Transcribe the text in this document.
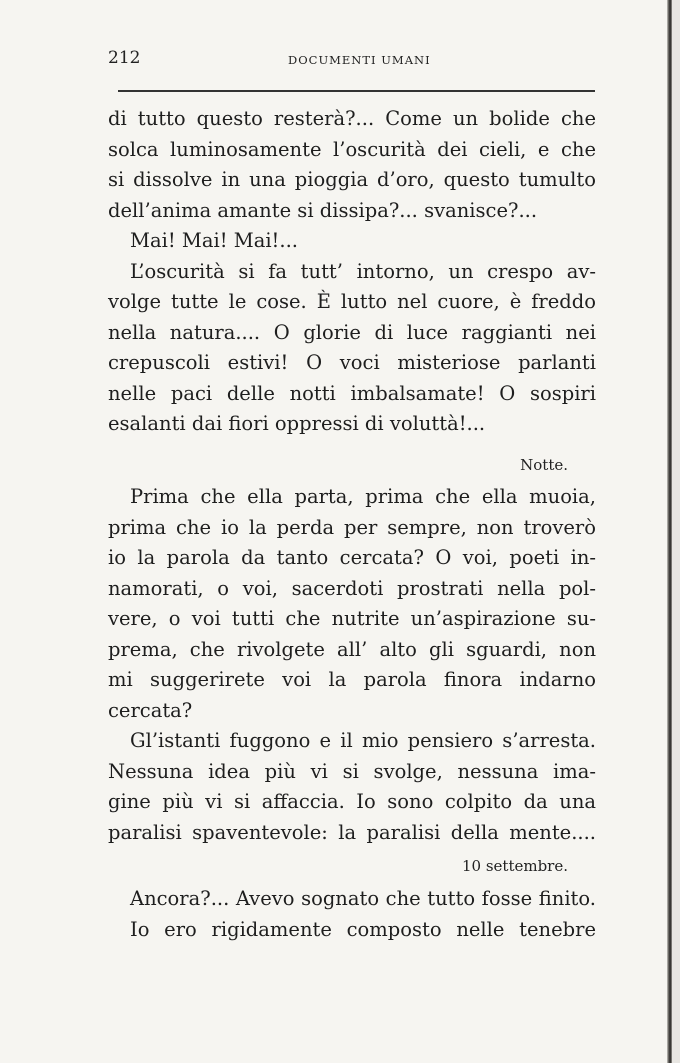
212	DOCUMENTI UMANI
di tutto questo resterà?... Come un bolide che
solca luminosamente l’oscurità dei cieli, e che
si dissolve in una pioggia d’oro, questo tumulto
dell’anima amante si dissipa?... svanisce?...
Mai! Mai! Mai!...
L’oscurità si fa tutt’ intorno, un crespo av-
volge tutte le cose. È lutto nel cuore, è freddo
nella natura.... O glorie di luce raggianti nei
crepuscoli estivi! O voci misteriose parlanti
nelle paci delle notti imbalsamate! O sospiri
esalanti dai fiori oppressi di voluttà!...
Notte.
Prima che ella parta, prima che ella muoia,
prima che io la perda per sempre, non troverò
io la parola da tanto cercata? O voi, poeti in-
namorati, o voi, sacerdoti prostrati nella pol-
vere, o voi tutti che nutrite un’aspirazione su-
prema, che rivolgete all’ alto gli sguardi, non
mi suggerirete voi la parola finora indarno
cercata?
Gl’istanti fuggono e il mio pensiero s’arresta.
Nessuna idea più vi si svolge, nessuna ima-
gine più vi si affaccia. Io sono colpito da una
paralisi spaventevole: la paralisi della mente....
10 settembre.
Ancora?... Avevo sognato che tutto fosse finito.
Io ero rigidamente composto nelle tenebre
